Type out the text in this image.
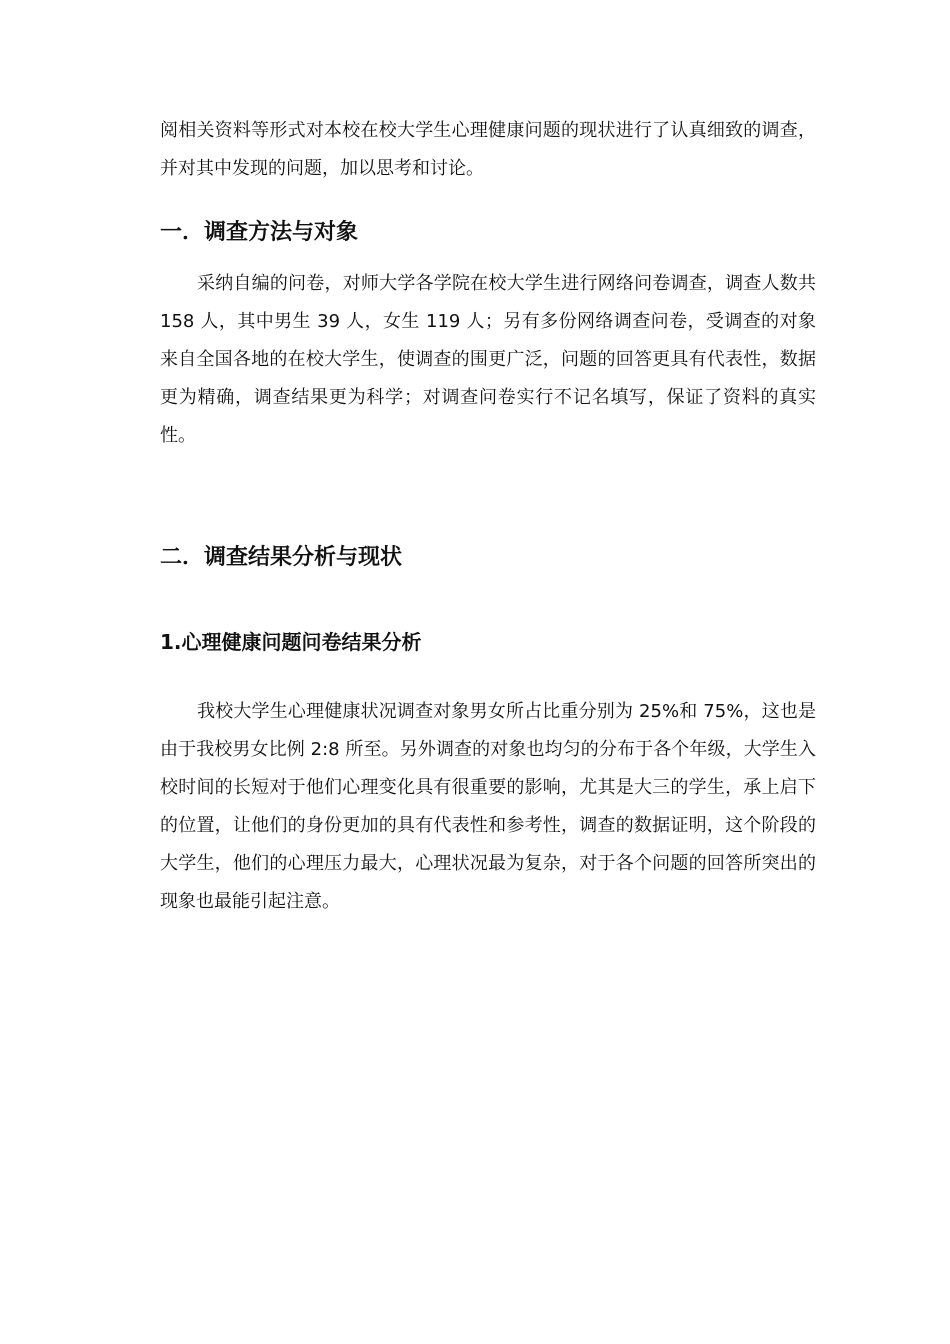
阅相关资料等形式对本校在校大学生心理健康问题的现状进行了认真细致的调查，并对其中发现的问题，加以思考和讨论。

一．调查方法与对象

采纳自编的问卷，对师大学各学院在校大学生进行网络问卷调查，调查人数共 158 人，其中男生 39 人，女生 119 人；另有多份网络调查问卷，受调查的对象来自全国各地的在校大学生，使调查的围更广泛，问题的回答更具有代表性，数据更为精确，调查结果更为科学；对调查问卷实行不记名填写，保证了资料的真实性。

二．调查结果分析与现状
1.心理健康问题问卷结果分析

我校大学生心理健康状况调查对象男女所占比重分别为 25%和 75%，这也是由于我校男女比例 2:8 所至。另外调查的对象也均匀的分布于各个年级，大学生入校时间的长短对于他们心理变化具有很重要的影响，尤其是大三的学生，承上启下的位置，让他们的身份更加的具有代表性和参考性，调查的数据证明，这个阶段的大学生，他们的心理压力最大，心理状况最为复杂，对于各个问题的回答所突出的现象也最能引起注意。
